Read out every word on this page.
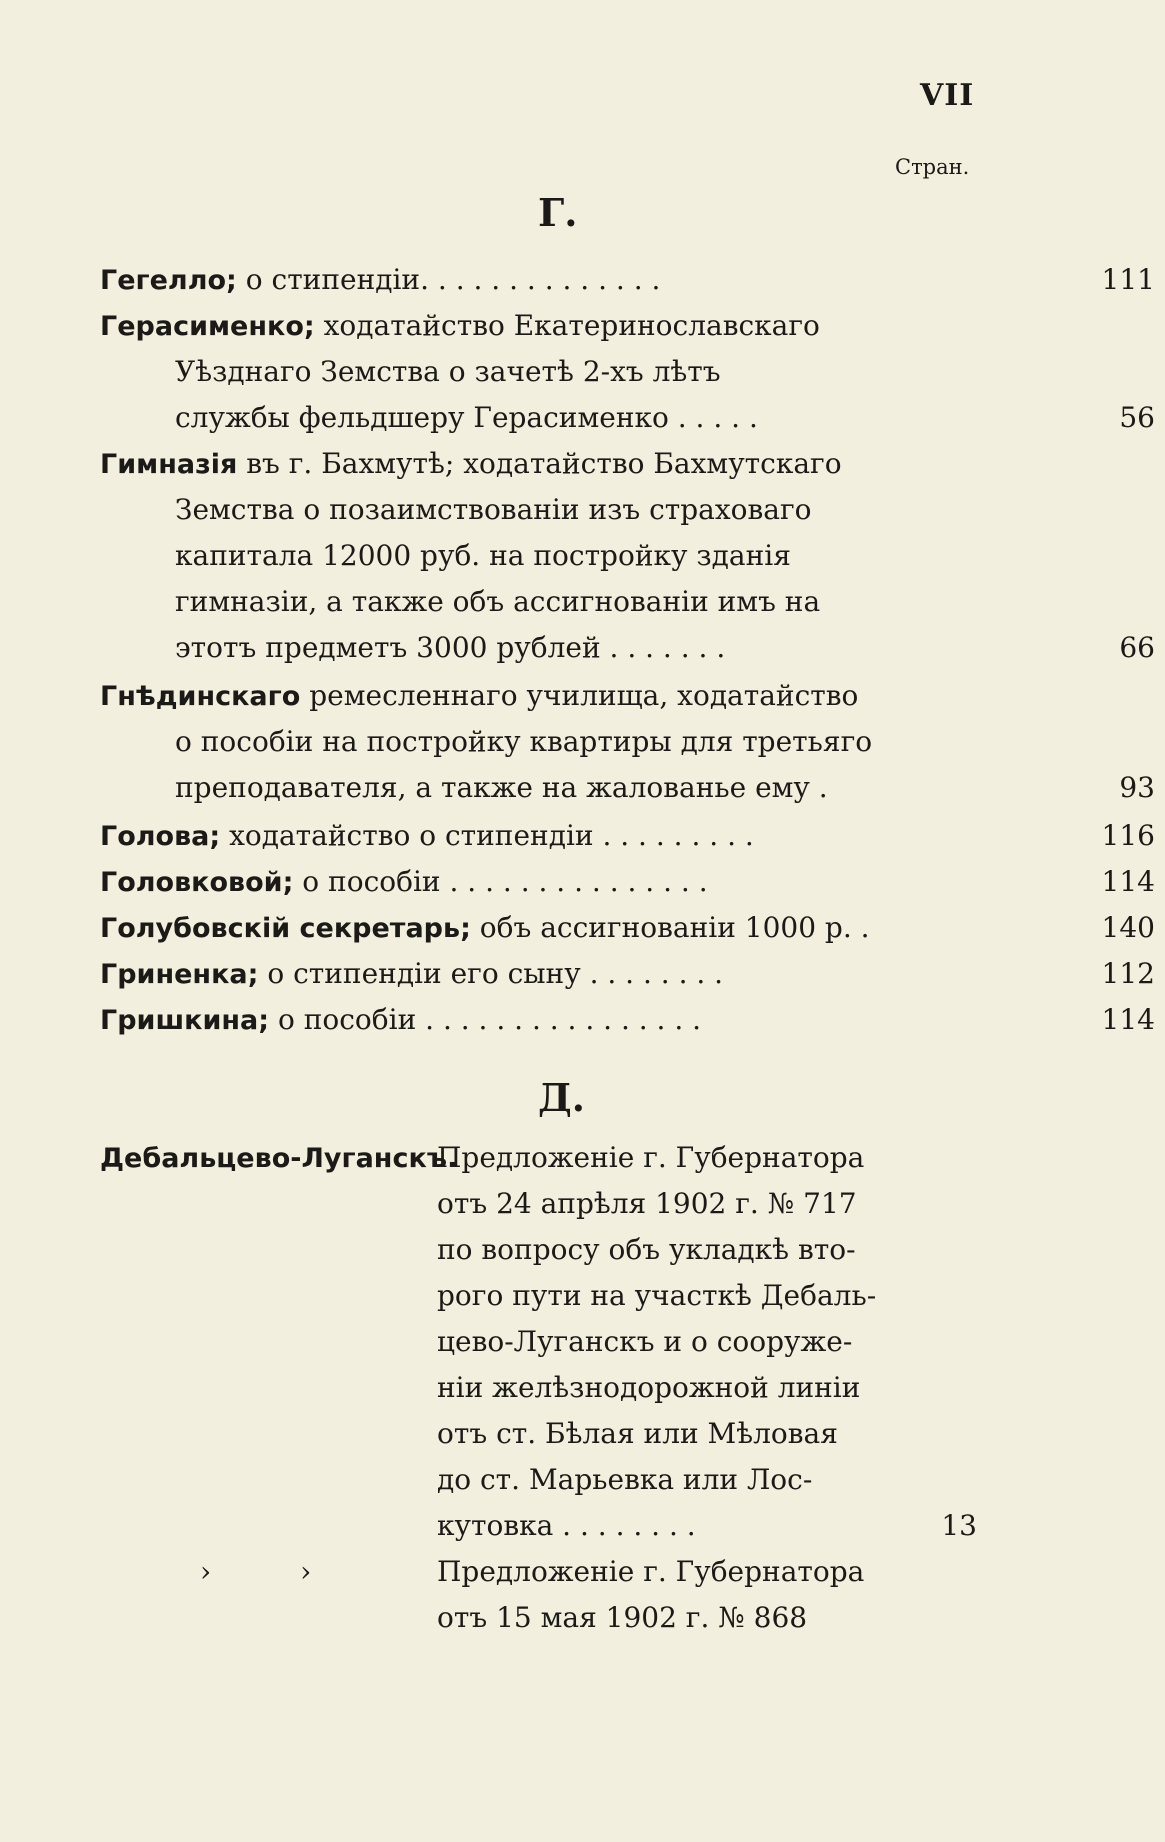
VII
Стран.
Г.
Гегелло; о стипендіи. . . . . . . . . . . . . .	111
Герасименко; ходатайство Екатеринославскаго
Уѣзднаго Земства о зачетѣ 2-хъ лѣтъ
службы фельдшеру Герасименко . . . . .	56
Гимназія въ г. Бахмутѣ; ходатайство Бахмутскаго
Земства о позаимствованіи изъ страховаго
капитала 12000 руб. на постройку зданія
гимназіи, а также объ ассигнованіи имъ на
этотъ предметъ 3000 рублей . . . . . . .	66
Гнѣдинскаго ремесленнаго училища, ходатайство
о пособіи на постройку квартиры для третьяго
преподавателя, а также на жалованье ему .	93
Голова; ходатайство о стипендіи . . . . . . . . .	116
Головковой; о пособіи . . . . . . . . . . . . . . .	114
Голубовскій секретарь; объ ассигнованіи 1000 р. .	140
Гриненка; о стипендіи его сыну . . . . . . . .	112
Гришкина; о пособіи . . . . . . . . . . . . . . . .	114
Д.
Дебальцево-Луганскъ.
Предложеніе г. Губернатора
отъ 24 апрѣля 1902 г. № 717
по вопросу объ укладкѣ вто-
рого пути на участкѣ Дебаль-
цево-Луганскъ и о сооруже-
ніи желѣзнодорожной линіи
отъ ст. Бѣлая или Мѣловая
до ст. Марьевка или Лос-
кутовка . . . . . . . .	13
› ›	Предложеніе г. Губернатора
отъ 15 мая 1902 г. № 868
